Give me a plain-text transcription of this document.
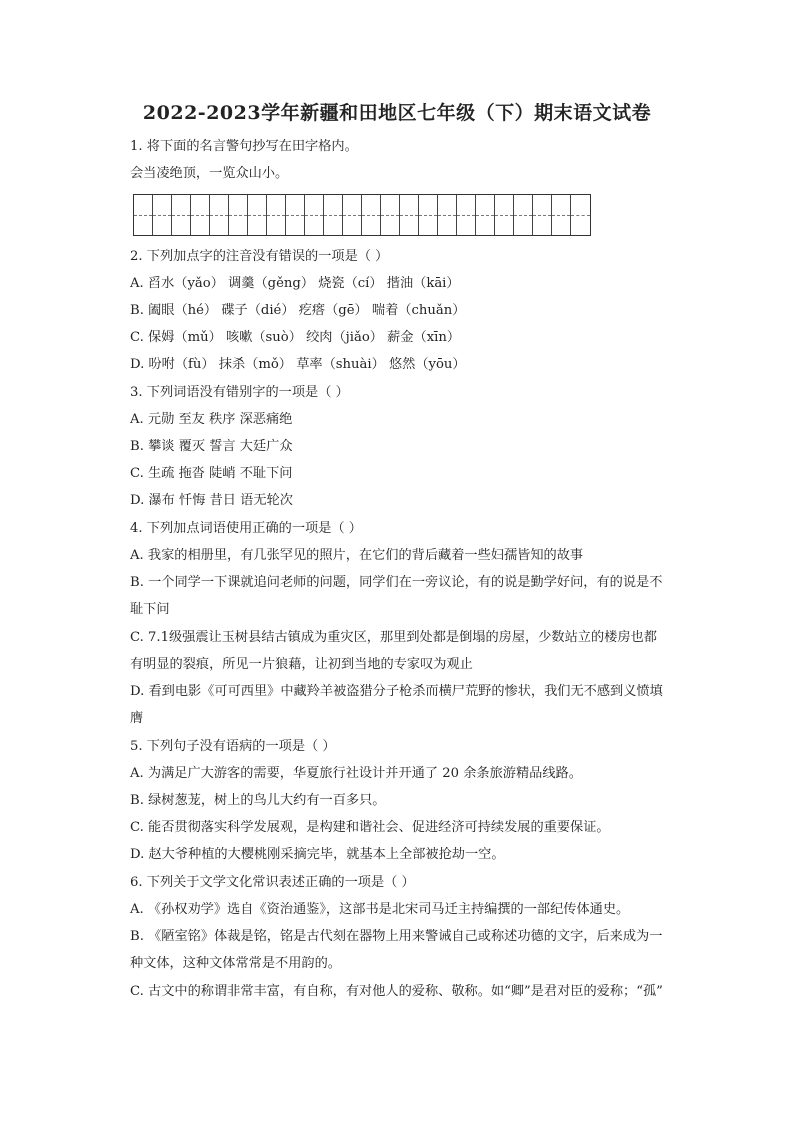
2022-2023学年新疆和田地区七年级（下）期末语文试卷
1. 将下面的名言警句抄写在田字格内。
会当凌绝顶，一览众山小。
2. 下列加点字的注音没有错误的一项是（ ）
A. 舀水（yǎo） 调羹（gěng） 烧瓷（cí） 揩油（kāi）
B. 阖眼（hé） 碟子（dié） 疙瘩（gē） 喘着（chuǎn）
C. 保姆（mǔ） 咳嗽（suò） 绞肉（jiǎo） 薪金（xīn）
D. 吩咐（fù） 抹杀（mǒ） 草率（shuài） 悠然（yōu）
3. 下列词语没有错别字的一项是（ ）
A. 元勋 至友 秩序 深恶痛绝
B. 攀谈 覆灭 誓言 大廷广众
C. 生疏 拖沓 陡峭 不耻下问
D. 瀑布 忏悔 昔日 语无轮次
4. 下列加点词语使用正确的一项是（ ）
A. 我家的相册里，有几张罕见的照片，在它们的背后藏着一些妇孺皆知的故事
B. 一个同学一下课就追问老师的问题，同学们在一旁议论，有的说是勤学好问，有的说是不
耻下问
C. 7.1级强震让玉树县结古镇成为重灾区，那里到处都是倒塌的房屋，少数站立的楼房也都
有明显的裂痕，所见一片狼藉，让初到当地的专家叹为观止
D. 看到电影《可可西里》中藏羚羊被盗猎分子枪杀而横尸荒野的惨状，我们无不感到义愤填
膺
5. 下列句子没有语病的一项是（ ）
A. 为满足广大游客的需要，华夏旅行社设计并开通了 20 余条旅游精品线路。
B. 绿树葱茏，树上的鸟儿大约有一百多只。
C. 能否贯彻落实科学发展观，是构建和谐社会、促进经济可持续发展的重要保证。
D. 赵大爷种植的大樱桃刚采摘完毕，就基本上全部被抢劫一空。
6. 下列关于文学文化常识表述正确的一项是（ ）
A. 《孙权劝学》选自《资治通鉴》，这部书是北宋司马迁主持编撰的一部纪传体通史。
B. 《陋室铭》体裁是铭，铭是古代刻在器物上用来警诫自己或称述功德的文字，后来成为一
种文体，这种文体常常是不用韵的。
C. 古文中的称谓非常丰富，有自称，有对他人的爱称、敬称。如“卿”是君对臣的爱称；“孤”
